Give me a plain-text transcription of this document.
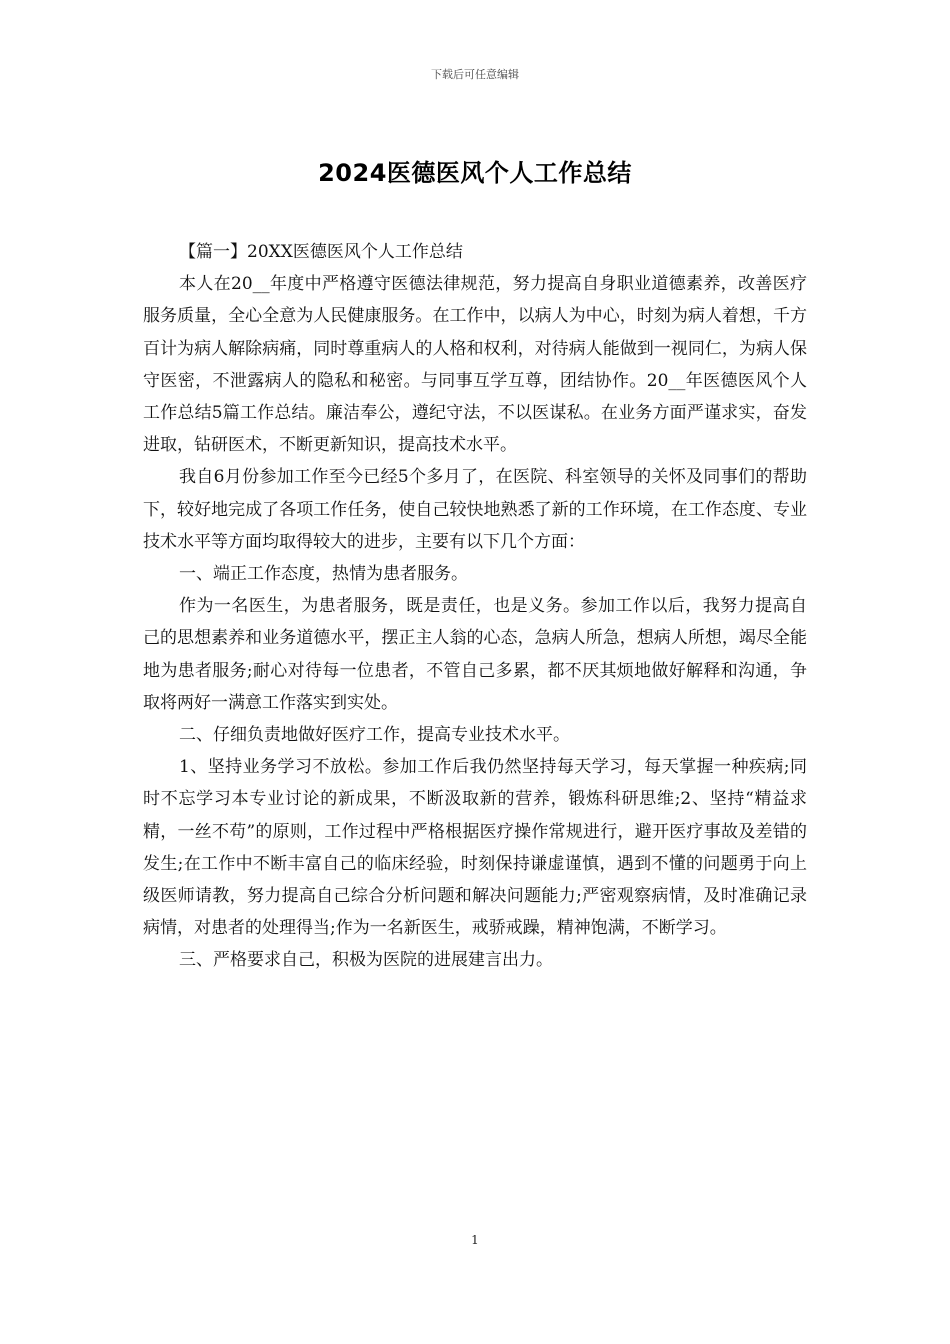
下载后可任意编辑
2024医德医风个人工作总结

【篇一】20XX医德医风个人工作总结

本人在20__年度中严格遵守医德法律规范，努力提高自身职业道德素养，改善医疗服务质量，全心全意为人民健康服务。在工作中，以病人为中心，时刻为病人着想，千方百计为病人解除病痛，同时尊重病人的人格和权利，对待病人能做到一视同仁，为病人保守医密，不泄露病人的隐私和秘密。与同事互学互尊，团结协作。20__年医德医风个人工作总结5篇工作总结。廉洁奉公，遵纪守法，不以医谋私。在业务方面严谨求实，奋发进取，钻研医术，不断更新知识，提高技术水平。

我自6月份参加工作至今已经5个多月了，在医院、科室领导的关怀及同事们的帮助下，较好地完成了各项工作任务，使自己较快地熟悉了新的工作环境，在工作态度、专业技术水平等方面均取得较大的进步，主要有以下几个方面：

一、端正工作态度，热情为患者服务。

作为一名医生，为患者服务，既是责任，也是义务。参加工作以后，我努力提高自己的思想素养和业务道德水平，摆正主人翁的心态，急病人所急，想病人所想，竭尽全能地为患者服务;耐心对待每一位患者，不管自己多累，都不厌其烦地做好解释和沟通，争取将两好一满意工作落实到实处。

二、仔细负责地做好医疗工作，提高专业技术水平。

1、坚持业务学习不放松。参加工作后我仍然坚持每天学习，每天掌握一种疾病;同时不忘学习本专业讨论的新成果，不断汲取新的营养，锻炼科研思维;2、坚持“精益求精，一丝不苟”的原则，工作过程中严格根据医疗操作常规进行，避开医疗事故及差错的发生;在工作中不断丰富自己的临床经验，时刻保持谦虚谨慎，遇到不懂的问题勇于向上级医师请教，努力提高自己综合分析问题和解决问题能力;严密观察病情，及时准确记录病情，对患者的处理得当;作为一名新医生，戒骄戒躁，精神饱满，不断学习。

三、严格要求自己，积极为医院的进展建言出力。

1
